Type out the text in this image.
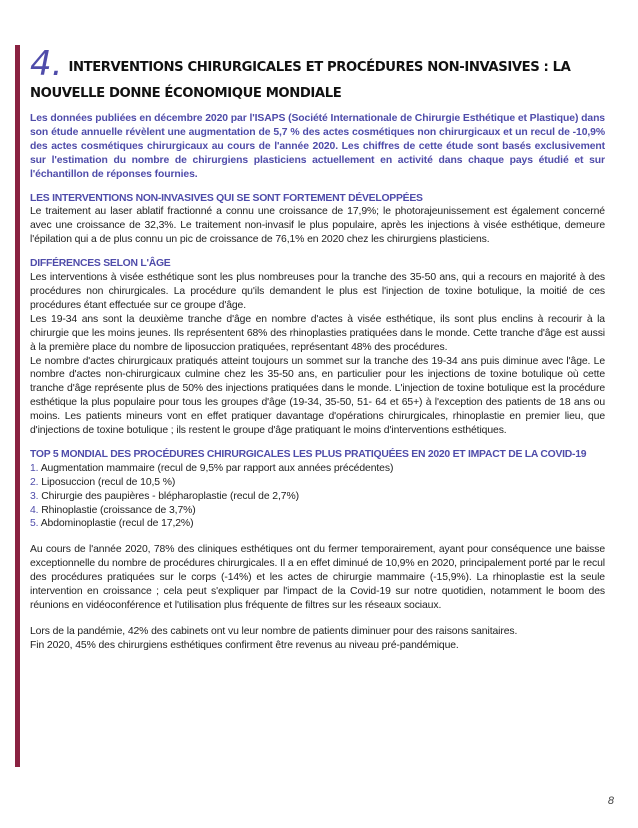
4. INTERVENTIONS CHIRURGICALES ET PROCÉDURES NON-INVASIVES : LA NOUVELLE DONNE ÉCONOMIQUE MONDIALE

Les données publiées en décembre 2020 par l'ISAPS (Société Internationale de Chirurgie Esthétique et Plastique) dans son étude annuelle révèlent une augmentation de 5,7 % des actes cosmétiques non chirurgicaux et un recul de -10,9% des actes cosmétiques chirurgicaux au cours de l'année 2020. Les chiffres de cette étude sont basés exclusivement sur l'estimation du nombre de chirurgiens plasticiens actuellement en activité dans chaque pays étudié et sur l'échantillon de réponses fournies.

LES INTERVENTIONS NON-INVASIVES QUI SE SONT FORTEMENT DÉVELOPPÉES

Le traitement au laser ablatif fractionné a connu une croissance de 17,9%; le photorajeunissement est également concerné avec une croissance de 32,3%. Le traitement non-invasif le plus populaire, après les injections à visée esthétique, demeure l'épilation qui a de plus connu un pic de croissance de 76,1% en 2020 chez les chirurgiens plasticiens.

DIFFÉRENCES SELON L'ÂGE

Les interventions à visée esthétique sont les plus nombreuses pour la tranche des 35-50 ans, qui a recours en majorité à des procédures non chirurgicales. La procédure qu'ils demandent le plus est l'injection de toxine botulique, la moitié de ces procédures étant effectuée sur ce groupe d'âge.

Les 19-34 ans sont la deuxième tranche d'âge en nombre d'actes à visée esthétique, ils sont plus enclins à recourir à la chirurgie que les moins jeunes. Ils représentent 68% des rhinoplasties pratiquées dans le monde. Cette tranche d'âge est aussi à la première place du nombre de liposuccion pratiquées, représentant 48% des procédures.

Le nombre d'actes chirurgicaux pratiqués atteint toujours un sommet sur la tranche des 19-34 ans puis diminue avec l'âge. Le nombre d'actes non-chirurgicaux culmine chez les 35-50 ans, en particulier pour les injections de toxine botulique où cette tranche d'âge représente plus de 50% des injections pratiquées dans le monde. L'injection de toxine botulique est la procédure esthétique la plus populaire pour tous les groupes d'âge (19-34, 35-50, 51- 64 et 65+) à l'exception des patients de 18 ans ou moins. Les patients mineurs vont en effet pratiquer davantage d'opérations chirurgicales, rhinoplastie en premier lieu, que d'injections de toxine botulique ; ils restent le groupe d'âge pratiquant le moins d'interventions esthétiques.

TOP 5 MONDIAL DES PROCÉDURES CHIRURGICALES LES PLUS PRATIQUÉES EN 2020 ET IMPACT DE LA COVID-19

1. Augmentation mammaire (recul de 9,5% par rapport aux années précédentes)
2. Liposuccion (recul de 10,5 %)
3. Chirurgie des paupières - blépharoplastie (recul de 2,7%)
4. Rhinoplastie (croissance de 3,7%)
5. Abdominoplastie (recul de 17,2%)

Au cours de l'année 2020, 78% des cliniques esthétiques ont du fermer temporairement, ayant pour conséquence une baisse exceptionnelle du nombre de procédures chirurgicales. Il a en effet diminué de 10,9% en 2020, principalement porté par le recul des procédures pratiquées sur le corps (-14%) et les actes de chirurgie mammaire (-15,9%). La rhinoplastie est la seule intervention en croissance ; cela peut s'expliquer par l'impact de la Covid-19 sur notre quotidien, notamment le boom des réunions en vidéoconférence et l'utilisation plus fréquente de filtres sur les réseaux sociaux.

Lors de la pandémie, 42% des cabinets ont vu leur nombre de patients diminuer pour des raisons sanitaires.

Fin 2020, 45% des chirurgiens esthétiques confirment être revenus au niveau pré-pandémique.

8
